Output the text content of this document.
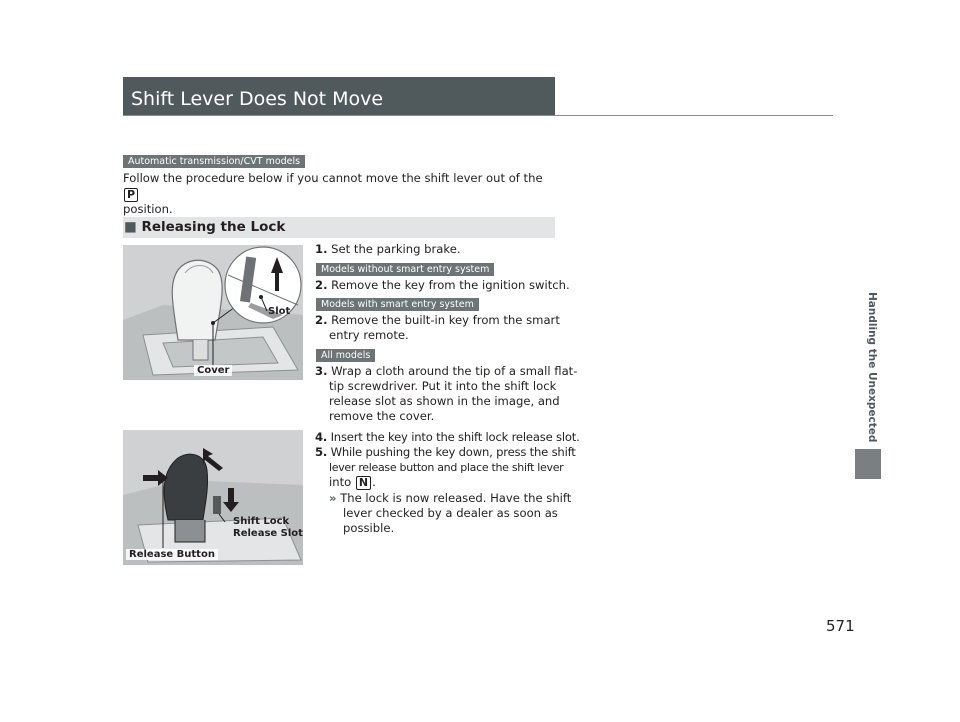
Shift Lever Does Not Move
Automatic transmission/CVT models
Follow the procedure below if you cannot move the shift lever out of the P
position.
■ Releasing the Lock
Slot
Cover
Shift Lock
Release Slot
Release Button
1. Set the parking brake.
Models without smart entry system
2. Remove the key from the ignition switch.
Models with smart entry system
2. Remove the built-in key from the smart
entry remote.
All models
3. Wrap a cloth around the tip of a small flat-
tip screwdriver. Put it into the shift lock
release slot as shown in the image, and
remove the cover.
4. Insert the key into the shift lock release slot.
5. While pushing the key down, press the shift
lever release button and place the shift lever
into N .
» The lock is now released. Have the shift
lever checked by a dealer as soon as
possible.
Handling the Unexpected
571
